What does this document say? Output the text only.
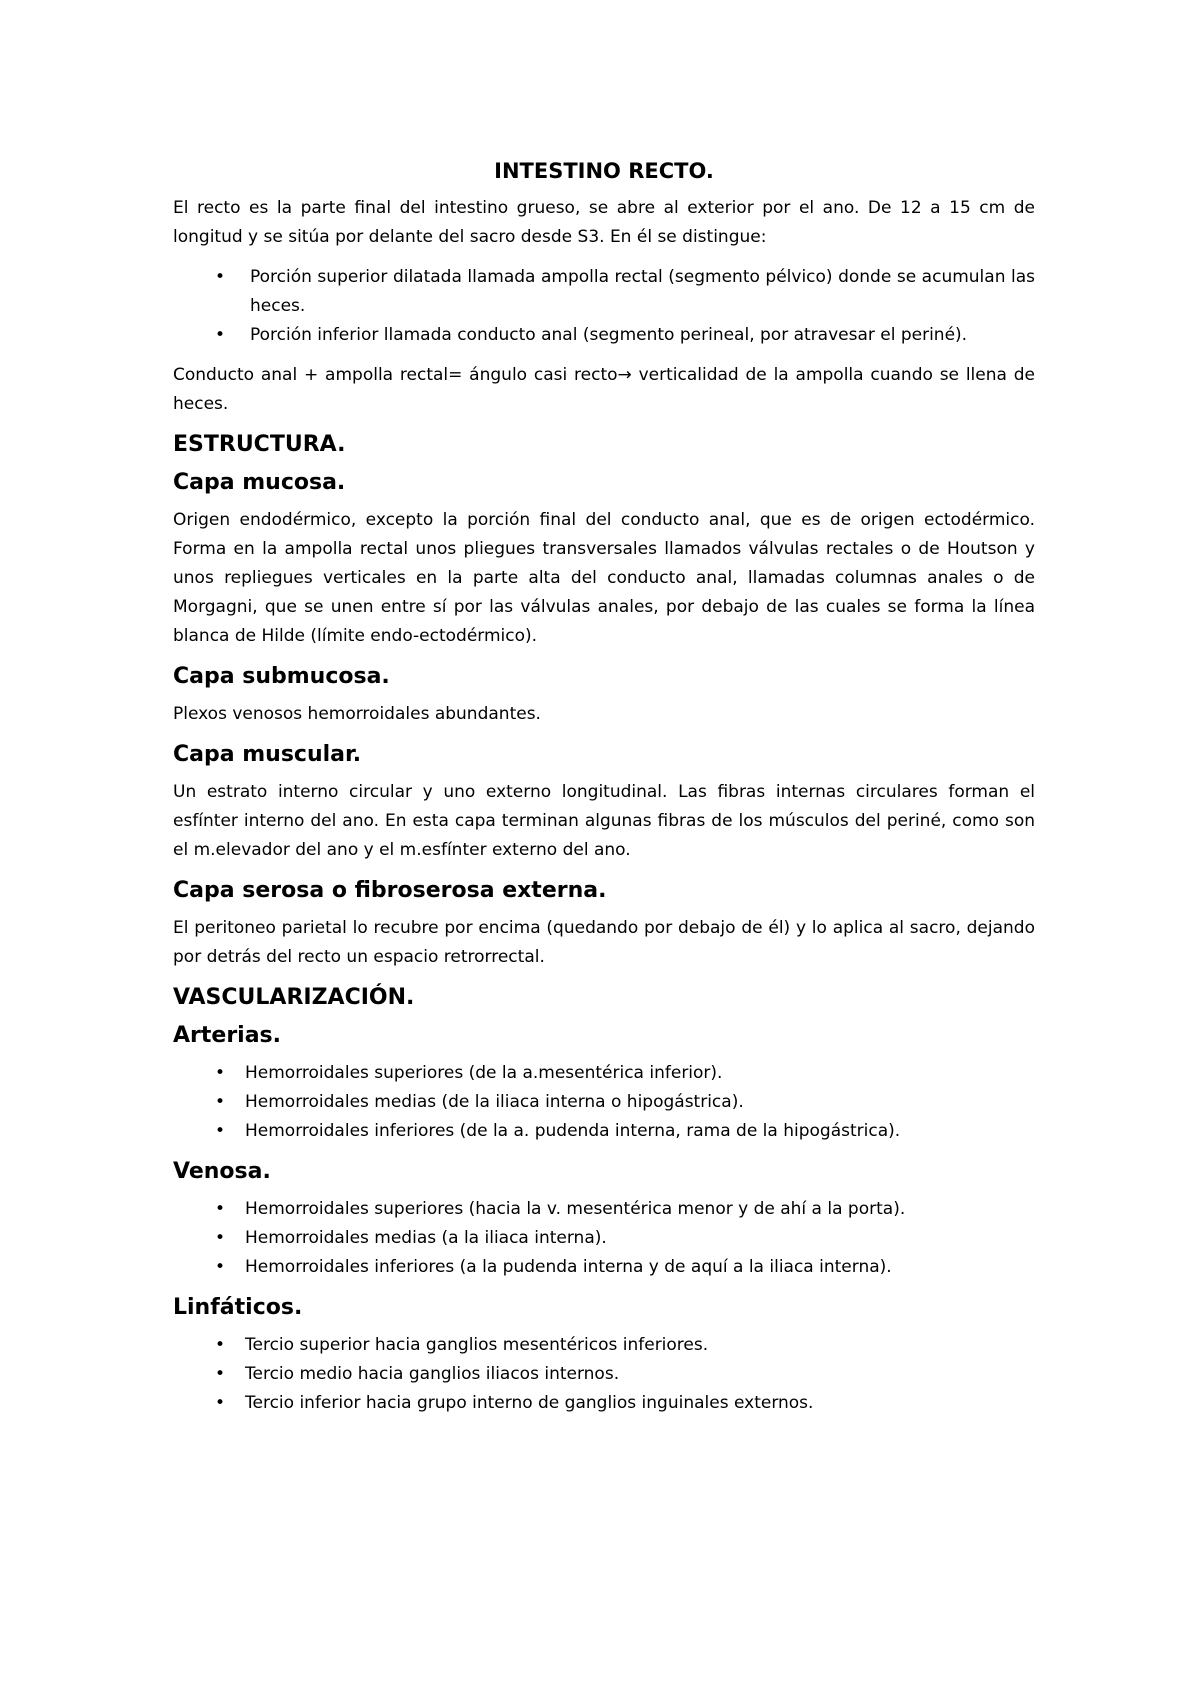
INTESTINO RECTO.

El recto es la parte final del intestino grueso, se abre al exterior por el ano. De 12 a 15 cm de longitud y se sitúa por delante del sacro desde S3. En él se distingue:

• Porción superior dilatada llamada ampolla rectal (segmento pélvico) donde se acumulan las heces.
• Porción inferior llamada conducto anal (segmento perineal, por atravesar el periné).

Conducto anal + ampolla rectal= ángulo casi recto→ verticalidad de la ampolla cuando se llena de heces.

ESTRUCTURA.
Capa mucosa.

Origen endodérmico, excepto la porción final del conducto anal, que es de origen ectodérmico. Forma en la ampolla rectal unos pliegues transversales llamados válvulas rectales o de Houtson y unos repliegues verticales en la parte alta del conducto anal, llamadas columnas anales o de Morgagni, que se unen entre sí por las válvulas anales, por debajo de las cuales se forma la línea blanca de Hilde (límite endo-ectodérmico).

Capa submucosa.

Plexos venosos hemorroidales abundantes.

Capa muscular.

Un estrato interno circular y uno externo longitudinal. Las fibras internas circulares forman el esfínter interno del ano. En esta capa terminan algunas fibras de los músculos del periné, como son el m.elevador del ano y el m.esfínter externo del ano.

Capa serosa o fibroserosa externa.

El peritoneo parietal lo recubre por encima (quedando por debajo de él) y lo aplica al sacro, dejando por detrás del recto un espacio retrorrectal.

VASCULARIZACIÓN.
Arterias.
• Hemorroidales superiores (de la a.mesentérica inferior).
• Hemorroidales medias (de la iliaca interna o hipogástrica).
• Hemorroidales inferiores (de la a. pudenda interna, rama de la hipogástrica).
Venosa.
• Hemorroidales superiores (hacia la v. mesentérica menor y de ahí a la porta).
• Hemorroidales medias (a la iliaca interna).
• Hemorroidales inferiores (a la pudenda interna y de aquí a la iliaca interna).
Linfáticos.
• Tercio superior hacia ganglios mesentéricos inferiores.
• Tercio medio hacia ganglios iliacos internos.
• Tercio inferior hacia grupo interno de ganglios inguinales externos.
